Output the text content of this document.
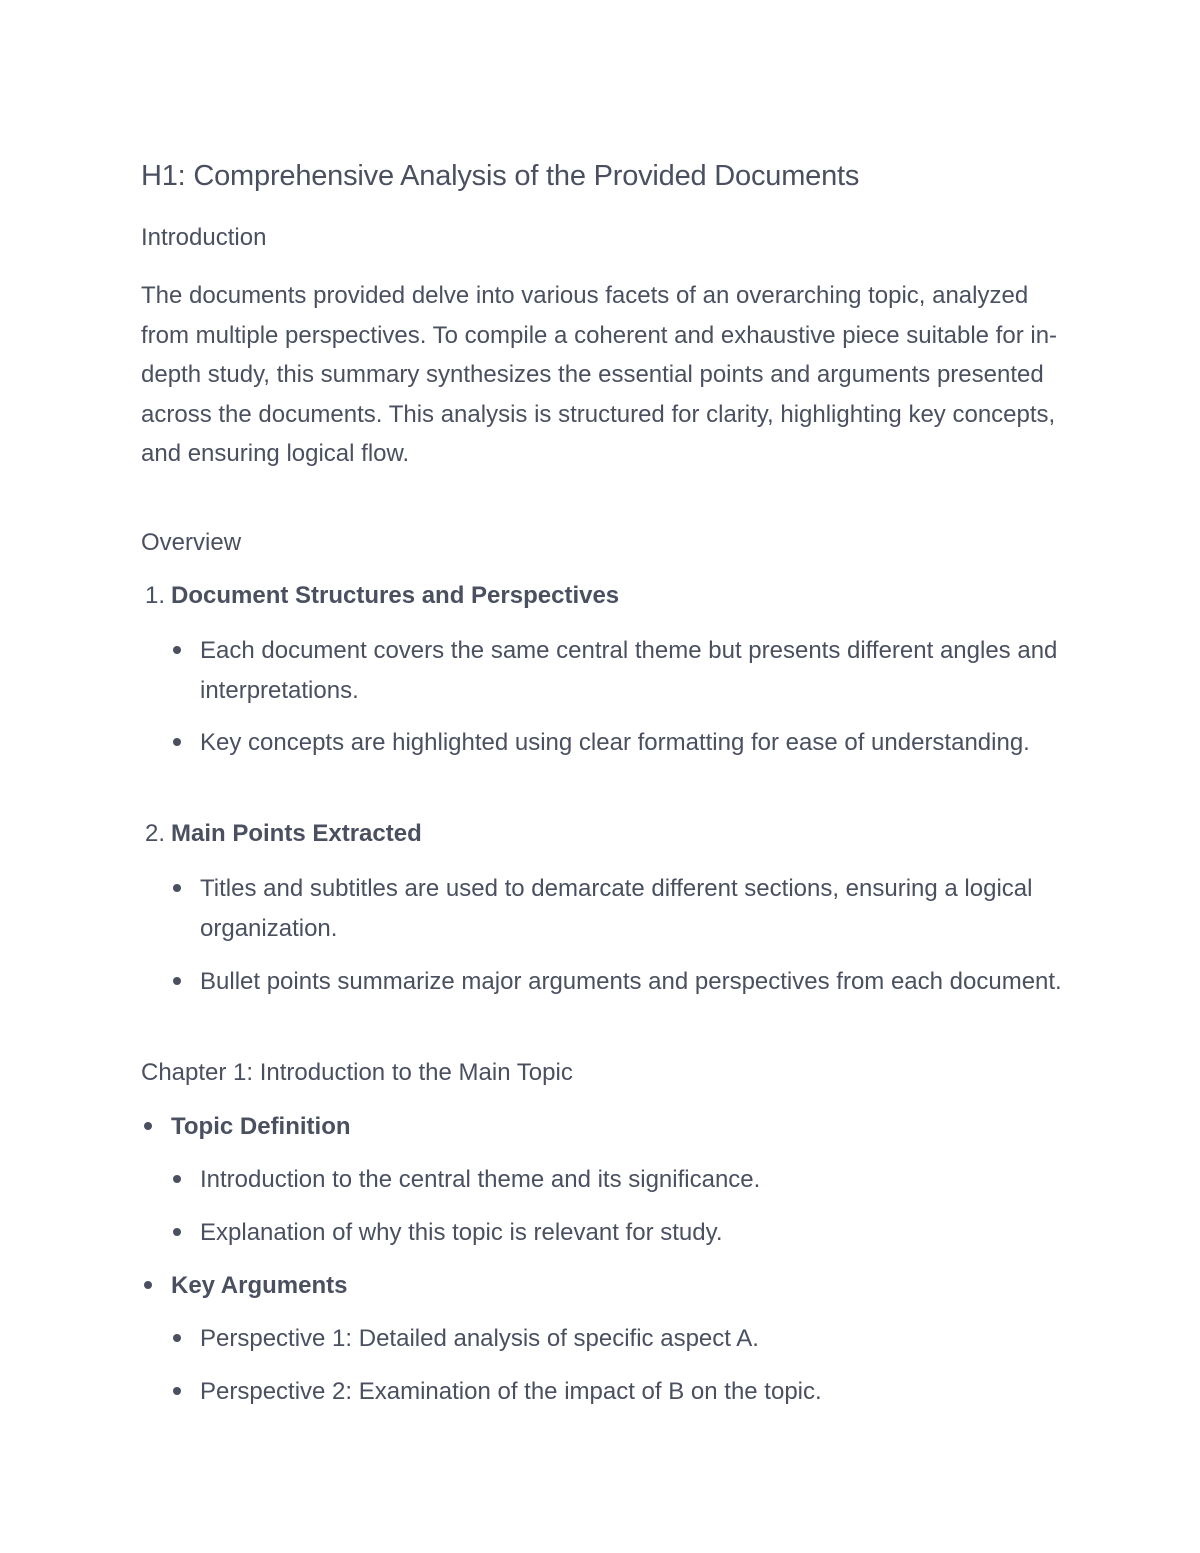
H1: Comprehensive Analysis of the Provided Documents
Introduction

The documents provided delve into various facets of an overarching topic, analyzed from multiple perspectives. To compile a coherent and exhaustive piece suitable for in-depth study, this summary synthesizes the essential points and arguments presented across the documents. This analysis is structured for clarity, highlighting key concepts, and ensuring logical flow.

Overview
1. Document Structures and Perspectives
Each document covers the same central theme but presents different angles and interpretations.
Key concepts are highlighted using clear formatting for ease of understanding.
2. Main Points Extracted
Titles and subtitles are used to demarcate different sections, ensuring a logical organization.
Bullet points summarize major arguments and perspectives from each document.
Chapter 1: Introduction to the Main Topic
Topic Definition
Introduction to the central theme and its significance.
Explanation of why this topic is relevant for study.
Key Arguments
Perspective 1: Detailed analysis of specific aspect A.
Perspective 2: Examination of the impact of B on the topic.
